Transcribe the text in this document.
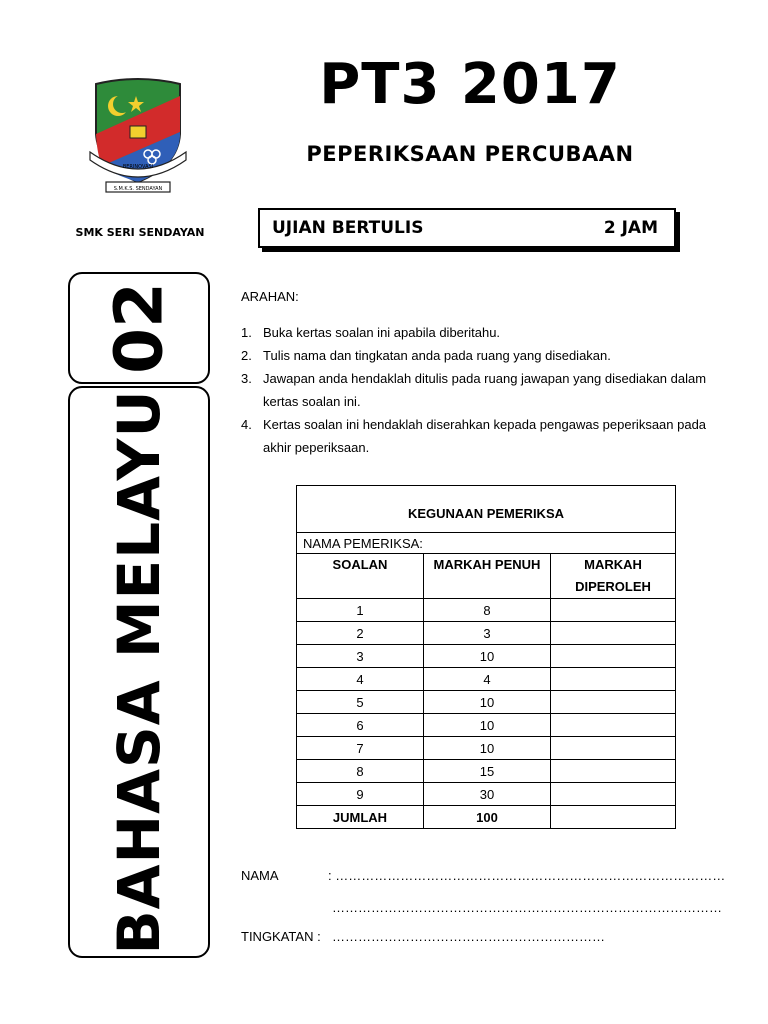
BERINOVASI
S.M.K.S. SENDAYAN
SMK SERI SENDAYAN
PT3 2017
PEPERIKSAAN PERCUBAAN
UJIAN BERTULIS	2 JAM
02
BAHASA MELAYU
ARAHAN:
1. Buka kertas soalan ini apabila diberitahu.
2. Tulis nama dan tingkatan anda pada ruang yang disediakan.
3. Jawapan anda hendaklah ditulis pada ruang jawapan yang disediakan dalam kertas soalan ini.
4. Kertas soalan ini hendaklah diserahkan kepada pengawas peperiksaan pada akhir peperiksaan.
KEGUNAAN PEMERIKSA		
NAMA PEMERIKSA:		
SOALAN	MARKAH PENUH	MARKAH DIPEROLEH
1	8	
2	3	
3	10	
4	4	
5	10	
6	10	
7	10	
8	15	
9	30	
JUMLAH	100	
NAMA	: ………………………………………………………………………………
………………………………………………………………………………
TINGKATAN : ………………………………………………………
